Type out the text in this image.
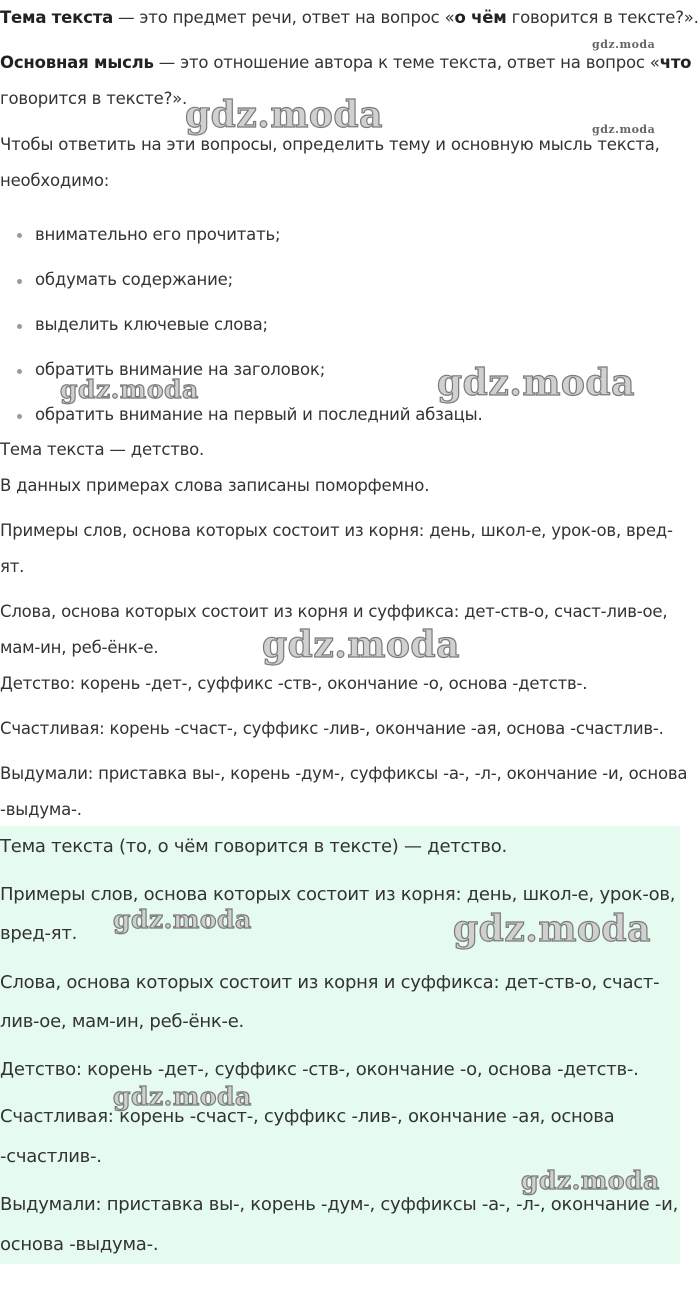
Тема текста — это предмет речи, ответ на вопрос «о чём говорится в тексте?».
Основная мысль — это отношение автора к теме текста, ответ на вопрос «что
говорится в тексте?».
Чтобы ответить на эти вопросы, определить тему и основную мысль текста,
необходимо:
внимательно его прочитать;
обдумать содержание;
выделить ключевые слова;
обратить внимание на заголовок;
обратить внимание на первый и последний абзацы.
Тема текста — детство.
В данных примерах слова записаны поморфемно.
Примеры слов, основа которых состоит из корня: день, школ-е, урок-ов, вред-
ят.
Слова, основа которых состоит из корня и суффикса: дет-ств-о, счаст-лив-ое,
мам-ин, реб-ёнк-е.
Детство: корень -дет-, суффикс -ств-, окончание -о, основа -детств-.
Счастливая: корень -счаст-, суффикс -лив-, окончание -ая, основа -счастлив-.
Выдумали: приставка вы-, корень -дум-, суффиксы -а-, -л-, окончание -и, основа
-выдума-.
Тема текста (то, о чём говорится в тексте) — детство.
Примеры слов, основа которых состоит из корня: день, школ-е, урок-ов,
вред-ят.
Слова, основа которых состоит из корня и суффикса: дет-ств-о, счаст-
лив-ое, мам-ин, реб-ёнк-е.
Детство: корень -дет-, суффикс -ств-, окончание -о, основа -детств-.
Счастливая: корень -счаст-, суффикс -лив-, окончание -ая, основа
-счастлив-.
Выдумали: приставка вы-, корень -дум-, суффиксы -а-, -л-, окончание -и,
основа -выдума-.
gdz.moda
gdz.moda	gdz.moda
gdz.moda	gdz.moda
gdz.moda
gdz.moda	gdz.moda
gdz.moda
gdz.moda
